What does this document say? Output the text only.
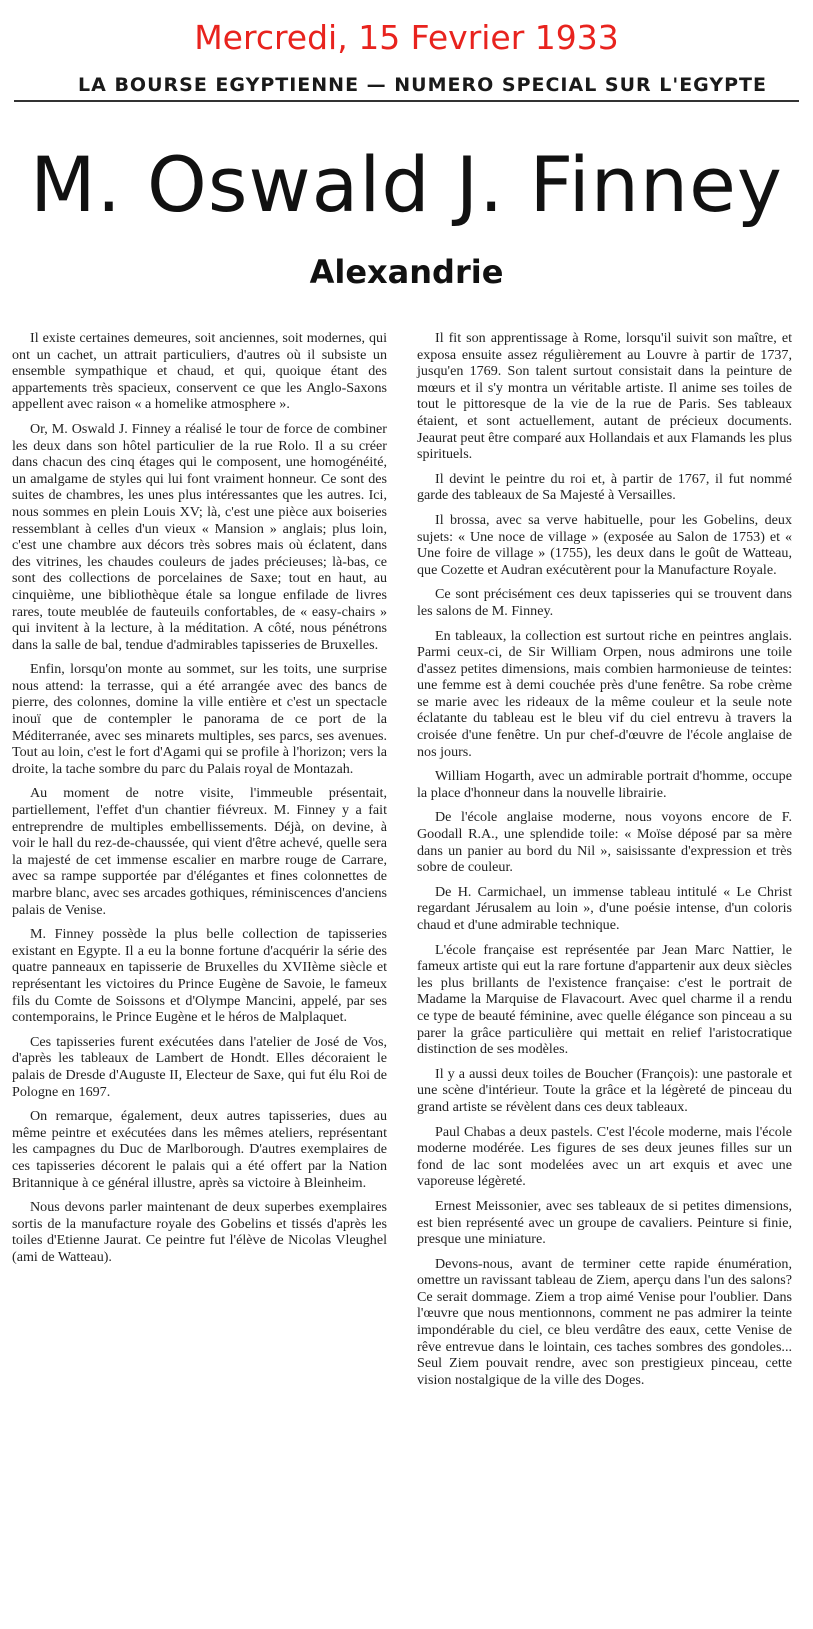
Mercredi, 15 Fevrier 1933
LA BOURSE EGYPTIENNE — NUMERO SPECIAL SUR L'EGYPTE
M. Oswald J. Finney
Alexandrie

Il existe certaines demeures, soit anciennes, soit modernes, qui ont un cachet, un attrait particuliers, d'autres où il subsiste un ensemble sympathique et chaud, et qui, quoique étant des appartements très spacieux, conservent ce que les Anglo-Saxons appellent avec raison « a homelike atmosphere ».

Or, M. Oswald J. Finney a réalisé le tour de force de combiner les deux dans son hôtel particulier de la rue Rolo. Il a su créer dans chacun des cinq étages qui le composent, une homogénéité, un amalgame de styles qui lui font vraiment honneur. Ce sont des suites de chambres, les unes plus intéressantes que les autres. Ici, nous sommes en plein Louis XV; là, c'est une pièce aux boiseries ressemblant à celles d'un vieux « Mansion » anglais; plus loin, c'est une chambre aux décors très sobres mais où éclatent, dans des vitrines, les chaudes couleurs de jades précieuses; là-bas, ce sont des collections de porcelaines de Saxe; tout en haut, au cinquième, une bibliothèque étale sa longue enfilade de livres rares, toute meublée de fauteuils confortables, de « easy-chairs » qui invitent à la lecture, à la méditation. A côté, nous pénétrons dans la salle de bal, tendue d'admirables tapisseries de Bruxelles.

Enfin, lorsqu'on monte au sommet, sur les toits, une surprise nous attend: la terrasse, qui a été arrangée avec des bancs de pierre, des colonnes, domine la ville entière et c'est un spectacle inouï que de contempler le panorama de ce port de la Méditerranée, avec ses minarets multiples, ses parcs, ses avenues. Tout au loin, c'est le fort d'Agami qui se profile à l'horizon; vers la droite, la tache sombre du parc du Palais royal de Montazah.

Au moment de notre visite, l'immeuble présentait, partiellement, l'effet d'un chantier fiévreux. M. Finney y a fait entreprendre de multiples embellissements. Déjà, on devine, à voir le hall du rez-de-chaussée, qui vient d'être achevé, quelle sera la majesté de cet immense escalier en marbre rouge de Carrare, avec sa rampe supportée par d'élégantes et fines colonnettes de marbre blanc, avec ses arcades gothiques, réminiscences d'anciens palais de Venise.

M. Finney possède la plus belle collection de tapisseries existant en Egypte. Il a eu la bonne fortune d'acquérir la série des quatre panneaux en tapisserie de Bruxelles du XVIIème siècle et représentant les victoires du Prince Eugène de Savoie, le fameux fils du Comte de Soissons et d'Olympe Mancini, appelé, par ses contemporains, le Prince Eugène et le héros de Malplaquet.

Ces tapisseries furent exécutées dans l'atelier de José de Vos, d'après les tableaux de Lambert de Hondt. Elles décoraient le palais de Dresde d'Auguste II, Electeur de Saxe, qui fut élu Roi de Pologne en 1697.

On remarque, également, deux autres tapisseries, dues au même peintre et exécutées dans les mêmes ateliers, représentant les campagnes du Duc de Marlborough. D'autres exemplaires de ces tapisseries décorent le palais qui a été offert par la Nation Britannique à ce général illustre, après sa victoire à Bleinheim.

Nous devons parler maintenant de deux superbes exemplaires sortis de la manufacture royale des Gobelins et tissés d'après les toiles d'Etienne Jaurat. Ce peintre fut l'élève de Nicolas Vleughel (ami de Watteau).

Il fit son apprentissage à Rome, lorsqu'il suivit son maître, et exposa ensuite assez régulièrement au Louvre à partir de 1737, jusqu'en 1769. Son talent surtout consistait dans la peinture de mœurs et il s'y montra un véritable artiste. Il anime ses toiles de tout le pittoresque de la vie de la rue de Paris. Ses tableaux étaient, et sont actuellement, autant de précieux documents. Jeaurat peut être comparé aux Hollandais et aux Flamands les plus spirituels.

Il devint le peintre du roi et, à partir de 1767, il fut nommé garde des tableaux de Sa Majesté à Versailles.

Il brossa, avec sa verve habituelle, pour les Gobelins, deux sujets: « Une noce de village » (exposée au Salon de 1753) et « Une foire de village » (1755), les deux dans le goût de Watteau, que Cozette et Audran exécutèrent pour la Manufacture Royale.

Ce sont précisément ces deux tapisseries qui se trouvent dans les salons de M. Finney.

En tableaux, la collection est surtout riche en peintres anglais. Parmi ceux-ci, de Sir William Orpen, nous admirons une toile d'assez petites dimensions, mais combien harmonieuse de teintes: une femme est à demi couchée près d'une fenêtre. Sa robe crème se marie avec les rideaux de la même couleur et la seule note éclatante du tableau est le bleu vif du ciel entrevu à travers la croisée d'une fenêtre. Un pur chef-d'œuvre de l'école anglaise de nos jours.

William Hogarth, avec un admirable portrait d'homme, occupe la place d'honneur dans la nouvelle librairie.

De l'école anglaise moderne, nous voyons encore de F. Goodall R.A., une splendide toile: « Moïse déposé par sa mère dans un panier au bord du Nil », saisissante d'expression et très sobre de couleur.

De H. Carmichael, un immense tableau intitulé « Le Christ regardant Jérusalem au loin », d'une poésie intense, d'un coloris chaud et d'une admirable technique.

L'école française est représentée par Jean Marc Nattier, le fameux artiste qui eut la rare fortune d'appartenir aux deux siècles les plus brillants de l'existence française: c'est le portrait de Madame la Marquise de Flavacourt. Avec quel charme il a rendu ce type de beauté féminine, avec quelle élégance son pinceau a su parer la grâce particulière qui mettait en relief l'aristocratique distinction de ses modèles.

Il y a aussi deux toiles de Boucher (François): une pastorale et une scène d'intérieur. Toute la grâce et la légèreté de pinceau du grand artiste se révèlent dans ces deux tableaux.

Paul Chabas a deux pastels. C'est l'école moderne, mais l'école moderne modérée. Les figures de ses deux jeunes filles sur un fond de lac sont modelées avec un art exquis et avec une vaporeuse légèreté.

Ernest Meissonier, avec ses tableaux de si petites dimensions, est bien représenté avec un groupe de cavaliers. Peinture si finie, presque une miniature.

Devons-nous, avant de terminer cette rapide énumération, omettre un ravissant tableau de Ziem, aperçu dans l'un des salons? Ce serait dommage. Ziem a trop aimé Venise pour l'oublier. Dans l'œuvre que nous mentionnons, comment ne pas admirer la teinte impondérable du ciel, ce bleu verdâtre des eaux, cette Venise de rêve entrevue dans le lointain, ces taches sombres des gondoles... Seul Ziem pouvait rendre, avec son prestigieux pinceau, cette vision nostalgique de la ville des Doges.
